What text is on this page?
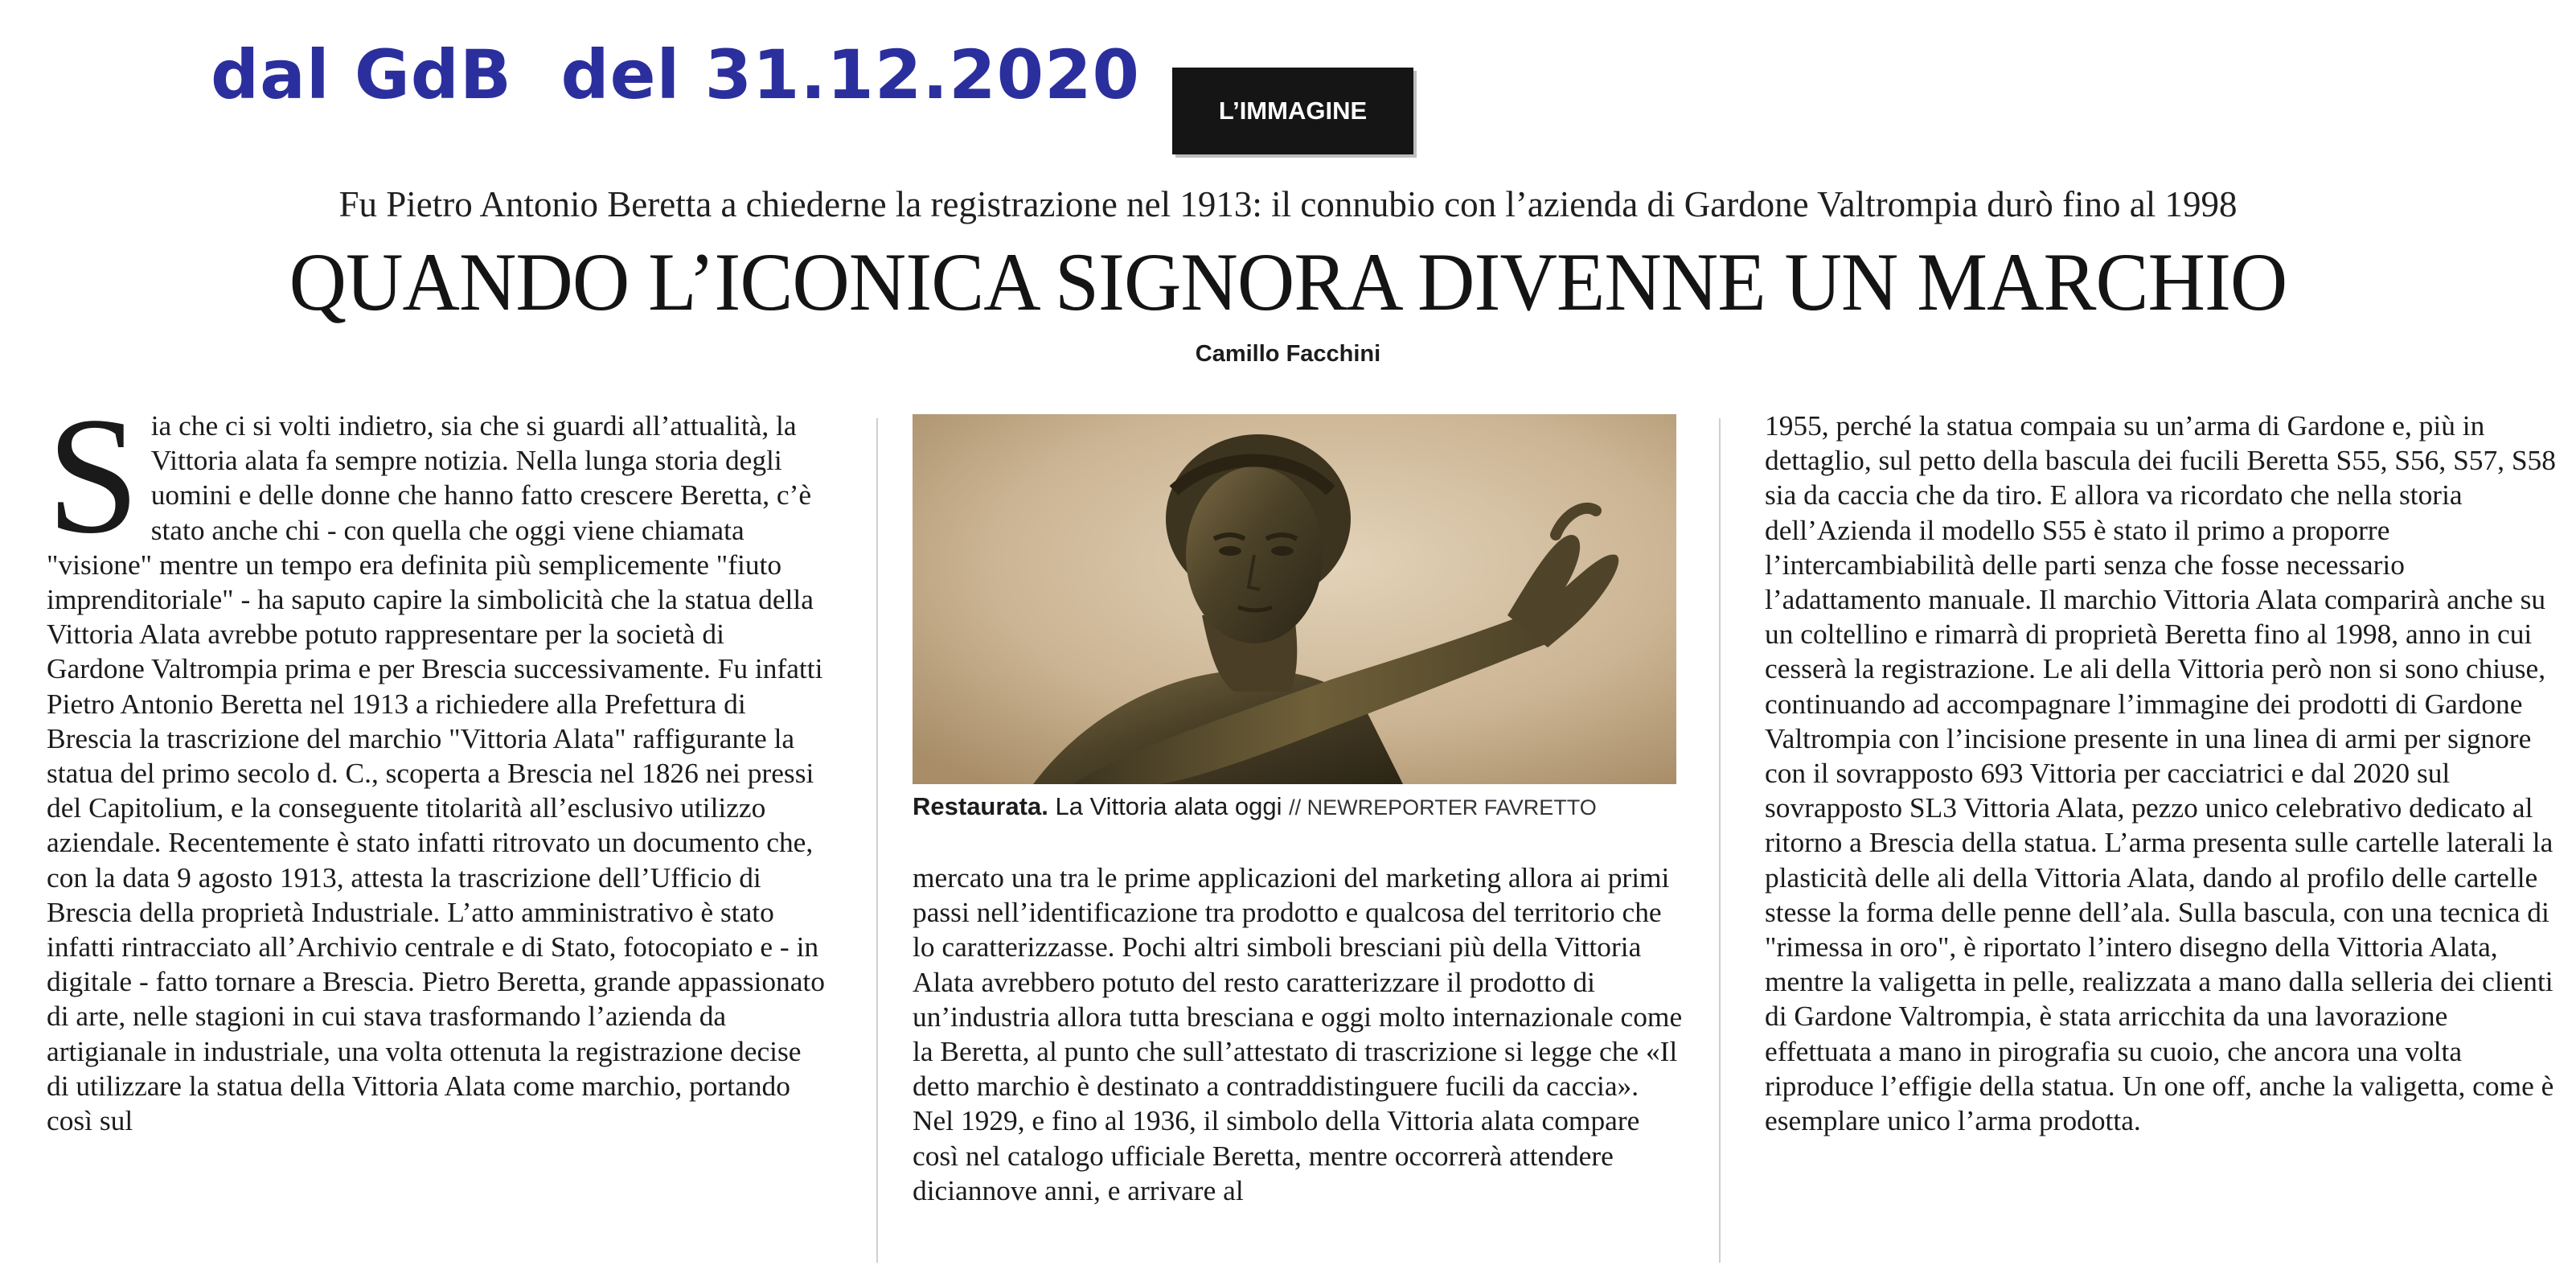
dal GdB  del 31.12.2020	L’IMMAGINE
Fu Pietro Antonio Beretta a chiederne la registrazione nel 1913: il connubio con l’azienda di Gardone Valtrompia durò fino al 1998
QUANDO L’ICONICA SIGNORA DIVENNE UN MARCHIO
Camillo Facchini
S ia che ci si volti indietro, sia che si guardi all’attualità, la Vittoria alata fa sempre notizia. Nella lunga storia degli uomini e delle donne che hanno fatto crescere Beretta, c’è stato anche chi - con quella che oggi viene chiamata "visione" mentre un tempo era definita più semplicemente "fiuto imprenditoriale" - ha saputo capire la simbolicità che la statua della Vittoria Alata avrebbe potuto rappresentare per la società di Gardone Valtrompia prima e per Brescia successivamente. Fu infatti Pietro Antonio Beretta nel 1913 a richiedere alla Prefettura di Brescia la trascrizione del marchio "Vittoria Alata" raffigurante la statua del primo secolo d. C., scoperta a Brescia nel 1826 nei pressi del Capitolium, e la conseguente titolarità all’esclusivo utilizzo aziendale. Recentemente è stato infatti ritrovato un documento che, con la data 9 agosto 1913, attesta la trascrizione dell’Ufficio di Brescia della proprietà Industriale. L’atto amministrativo è stato infatti rintracciato all’Archivio centrale e di Stato, fotocopiato e - in digitale - fatto tornare a Brescia. Pietro Beretta, grande appassionato di arte, nelle stagioni in cui stava trasformando l’azienda da artigianale in industriale, una volta ottenuta la registrazione decise di utilizzare la statua della Vittoria Alata come marchio, portando così sul
Restaurata. La Vittoria alata oggi // NEWREPORTER FAVRETTO

mercato una tra le prime applicazioni del marketing allora ai primi passi nell’identificazione tra prodotto e qualcosa del territorio che lo caratterizzasse. Pochi altri simboli bresciani più della Vittoria Alata avrebbero potuto del resto caratterizzare il prodotto di un’industria allora tutta bresciana e oggi molto internazionale come la Beretta, al punto che sull’attestato di trascrizione si legge che «Il detto marchio è destinato a contraddistinguere fucili da caccia». Nel 1929, e fino al 1936, il simbolo della Vittoria alata compare così nel catalogo ufficiale Beretta, mentre occorrerà attendere diciannove anni, e arrivare al

1955, perché la statua compaia su un’arma di Gardone e, più in dettaglio, sul petto della bascula dei fucili Beretta S55, S56, S57, S58 sia da caccia che da tiro. E allora va ricordato che nella storia dell’Azienda il modello S55 è stato il primo a proporre l’intercambiabilità delle parti senza che fosse necessario l’adattamento manuale. Il marchio Vittoria Alata comparirà anche su un coltellino e rimarrà di proprietà Beretta fino al 1998, anno in cui cesserà la registrazione. Le ali della Vittoria però non si sono chiuse, continuando ad accompagnare l’immagine dei prodotti di Gardone Valtrompia con l’incisione presente in una linea di armi per signore con il sovrapposto 693 Vittoria per cacciatrici e dal 2020 sul sovrapposto SL3 Vittoria Alata, pezzo unico celebrativo dedicato al ritorno a Brescia della statua. L’arma presenta sulle cartelle laterali la plasticità delle ali della Vittoria Alata, dando al profilo delle cartelle stesse la forma delle penne dell’ala. Sulla bascula, con una tecnica di "rimessa in oro", è riportato l’intero disegno della Vittoria Alata, mentre la valigetta in pelle, realizzata a mano dalla selleria dei clienti di Gardone Valtrompia, è stata arricchita da una lavorazione effettuata a mano in pirografia su cuoio, che ancora una volta riproduce l’effigie della statua. Un one off, anche la valigetta, come è esemplare unico l’arma prodotta.
